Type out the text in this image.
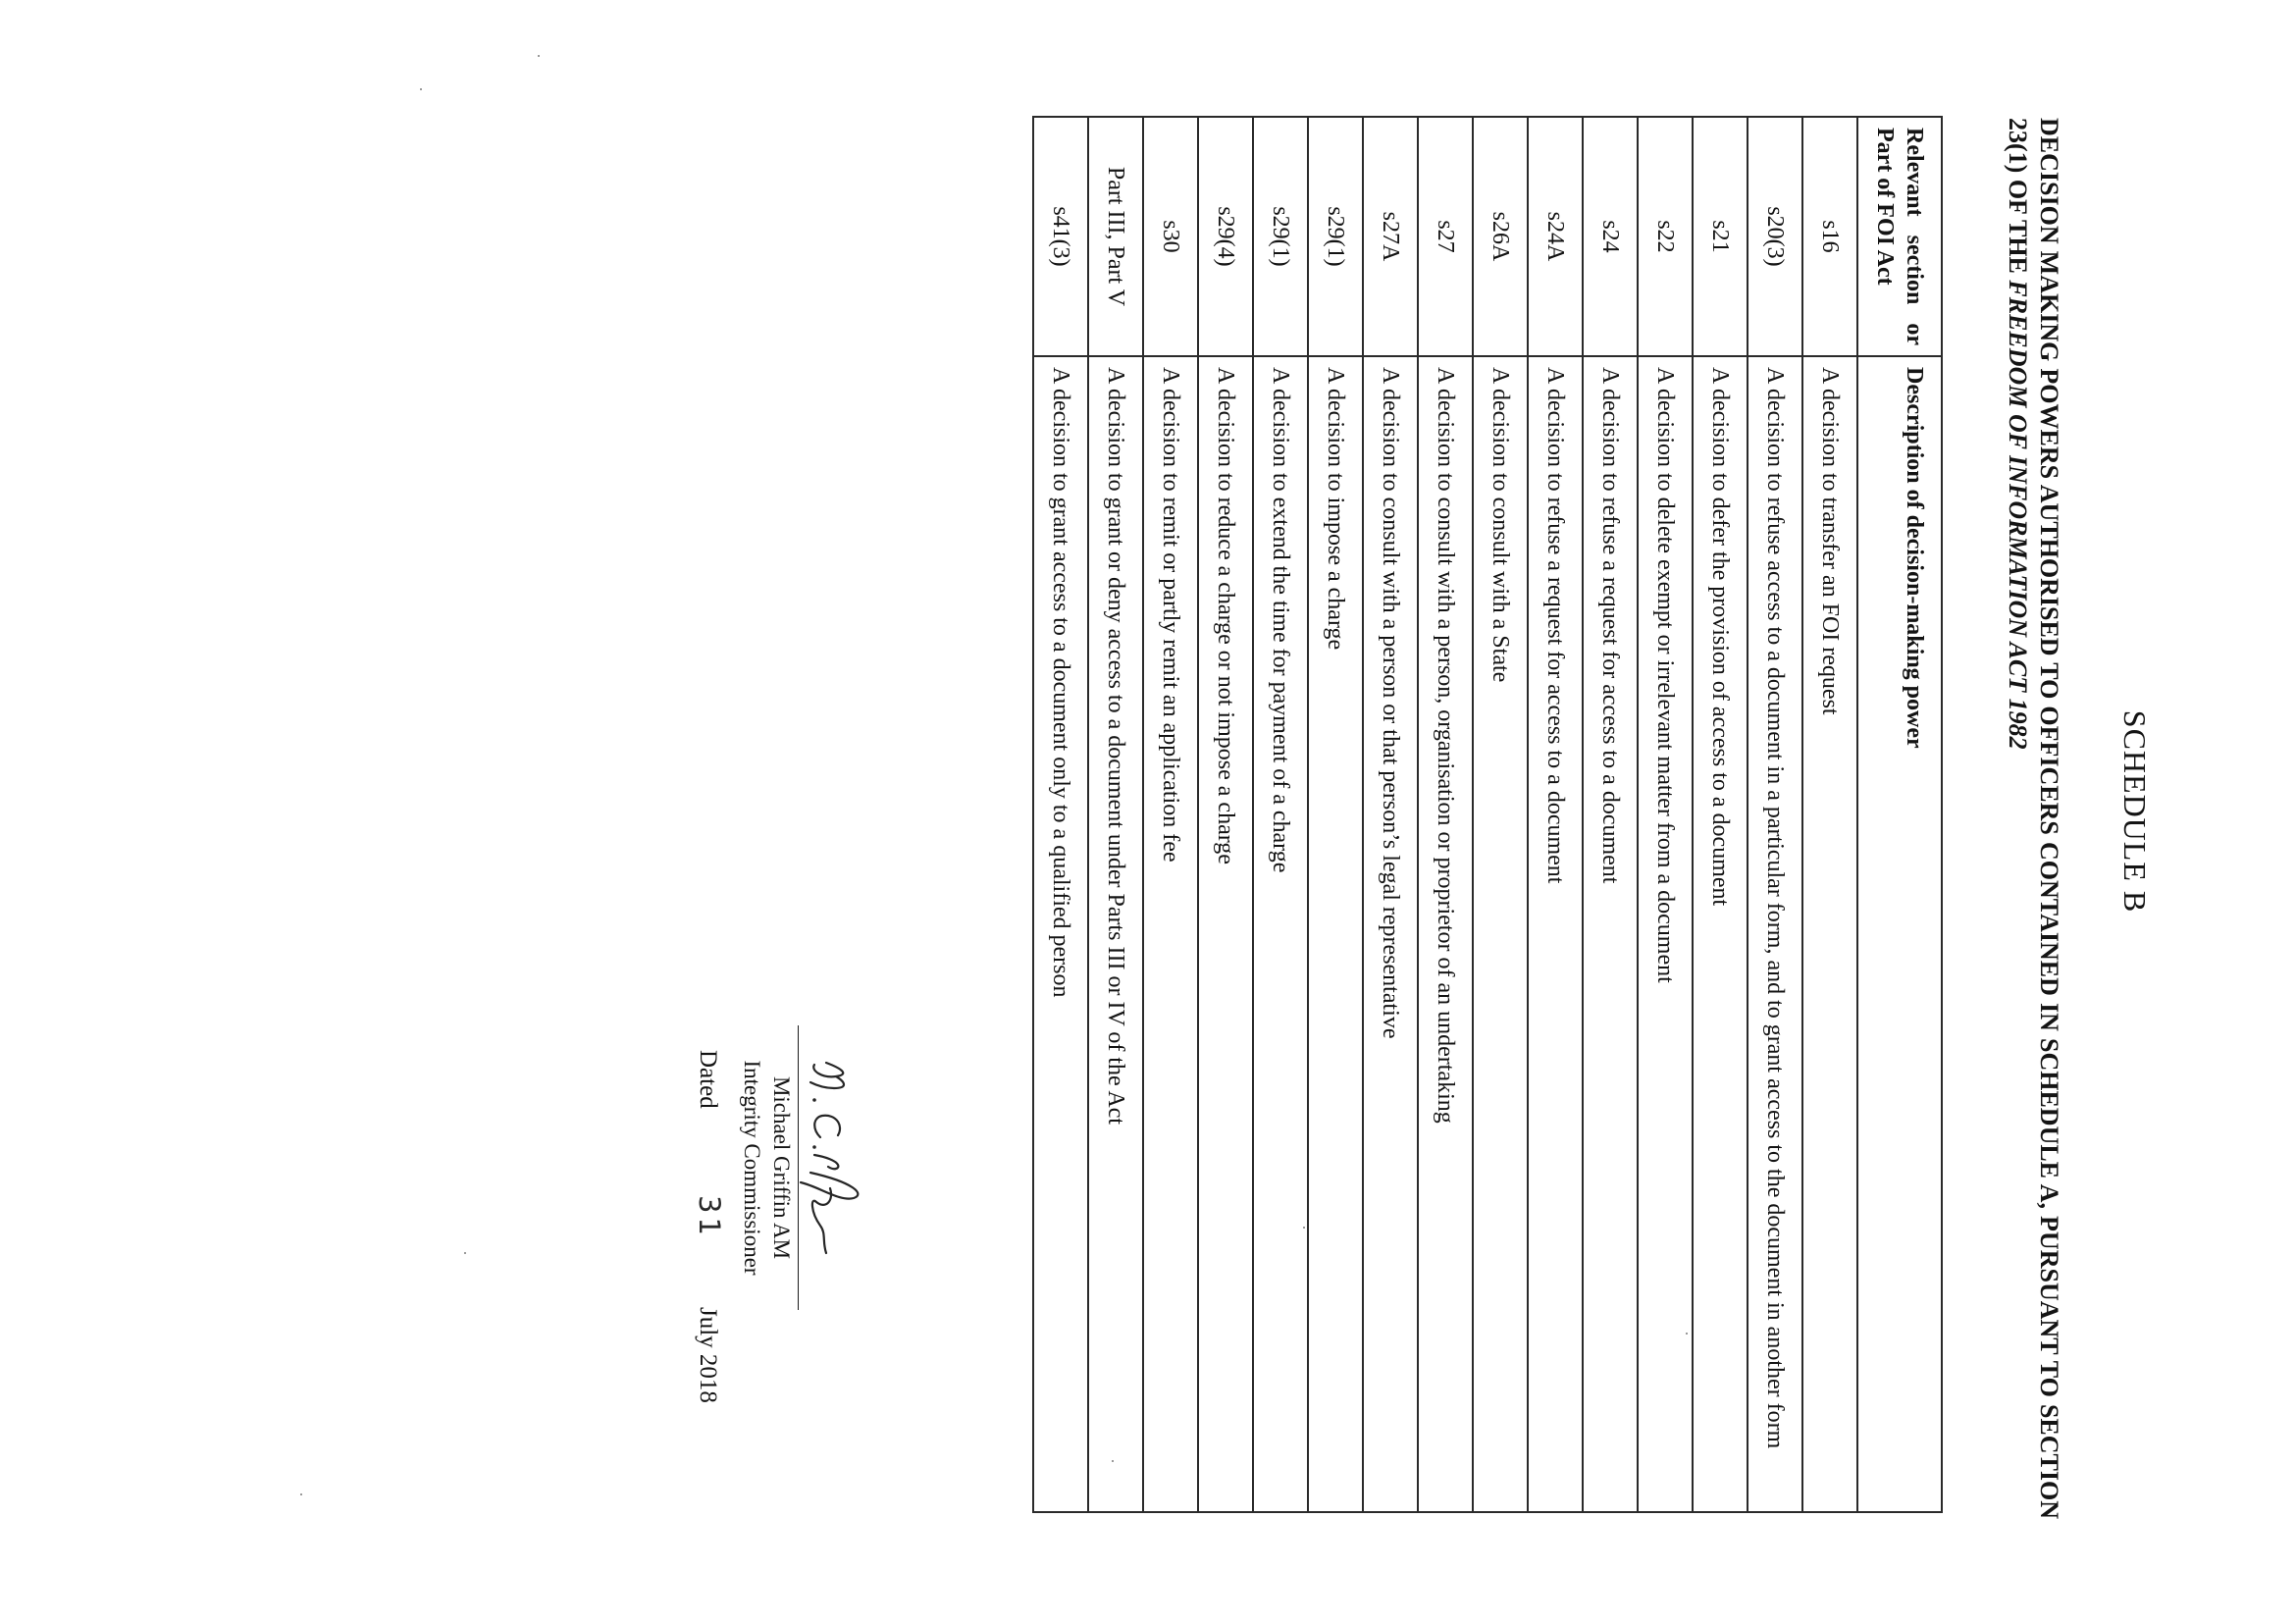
SCHEDULE B

DECISION MAKING POWERS AUTHORISED TO OFFICERS CONTAINED IN SCHEDULE A, PURSUANT TO SECTION 23(1) OF THE FREEDOM OF INFORMATION ACT 1982

Relevant section or Part of FOI Act	Description of decision-making power
s16	A decision to transfer an FOI request
s20(3)	A decision to refuse access to a document in a particular form, and to grant access to the document in another form
s21	A decision to defer the provision of access to a document
s22	A decision to delete exempt or irrelevant matter from a document
s24	A decision to refuse a request for access to a document
s24A	A decision to refuse a request for access to a document
s26A	A decision to consult with a State
s27	A decision to consult with a person, organisation or proprietor of an undertaking
s27A	A decision to consult with a person or that person’s legal representative
s29(1)	A decision to impose a charge
s29(1)	A decision to extend the time for payment of a charge
s29(4)	A decision to reduce a charge or not impose a charge
s30	A decision to remit or partly remit an application fee
Part III, Part V	A decision to grant or deny access to a document under Parts III or IV of the Act
s41(3)	A decision to grant access to a document only to a qualified person
Michael Griffin AM
Integrity Commissioner
Dated
31
July 2018
